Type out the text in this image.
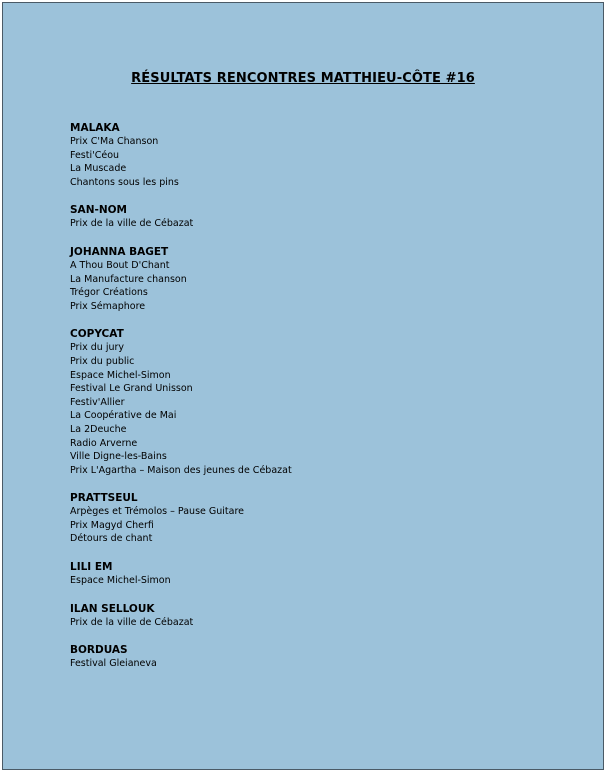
RÉSULTATS RENCONTRES MATTHIEU-CÔTE #16
MALAKA
Prix C'Ma Chanson
Festi'Céou
La Muscade
Chantons sous les pins
SAN-NOM
Prix de la ville de Cébazat
JOHANNA BAGET
A Thou Bout D'Chant
La Manufacture chanson
Trégor Créations
Prix Sémaphore
COPYCAT
Prix du jury
Prix du public
Espace Michel-Simon
Festival Le Grand Unisson
Festiv'Allier
La Coopérative de Mai
La 2Deuche
Radio Arverne
Ville Digne-les-Bains
Prix L'Agartha – Maison des jeunes de Cébazat
PRATTSEUL
Arpèges et Trémolos – Pause Guitare
Prix Magyd Cherfi
Détours de chant
LILI EM
Espace Michel-Simon
ILAN SELLOUK
Prix de la ville de Cébazat
BORDUAS
Festival Gleianeva
